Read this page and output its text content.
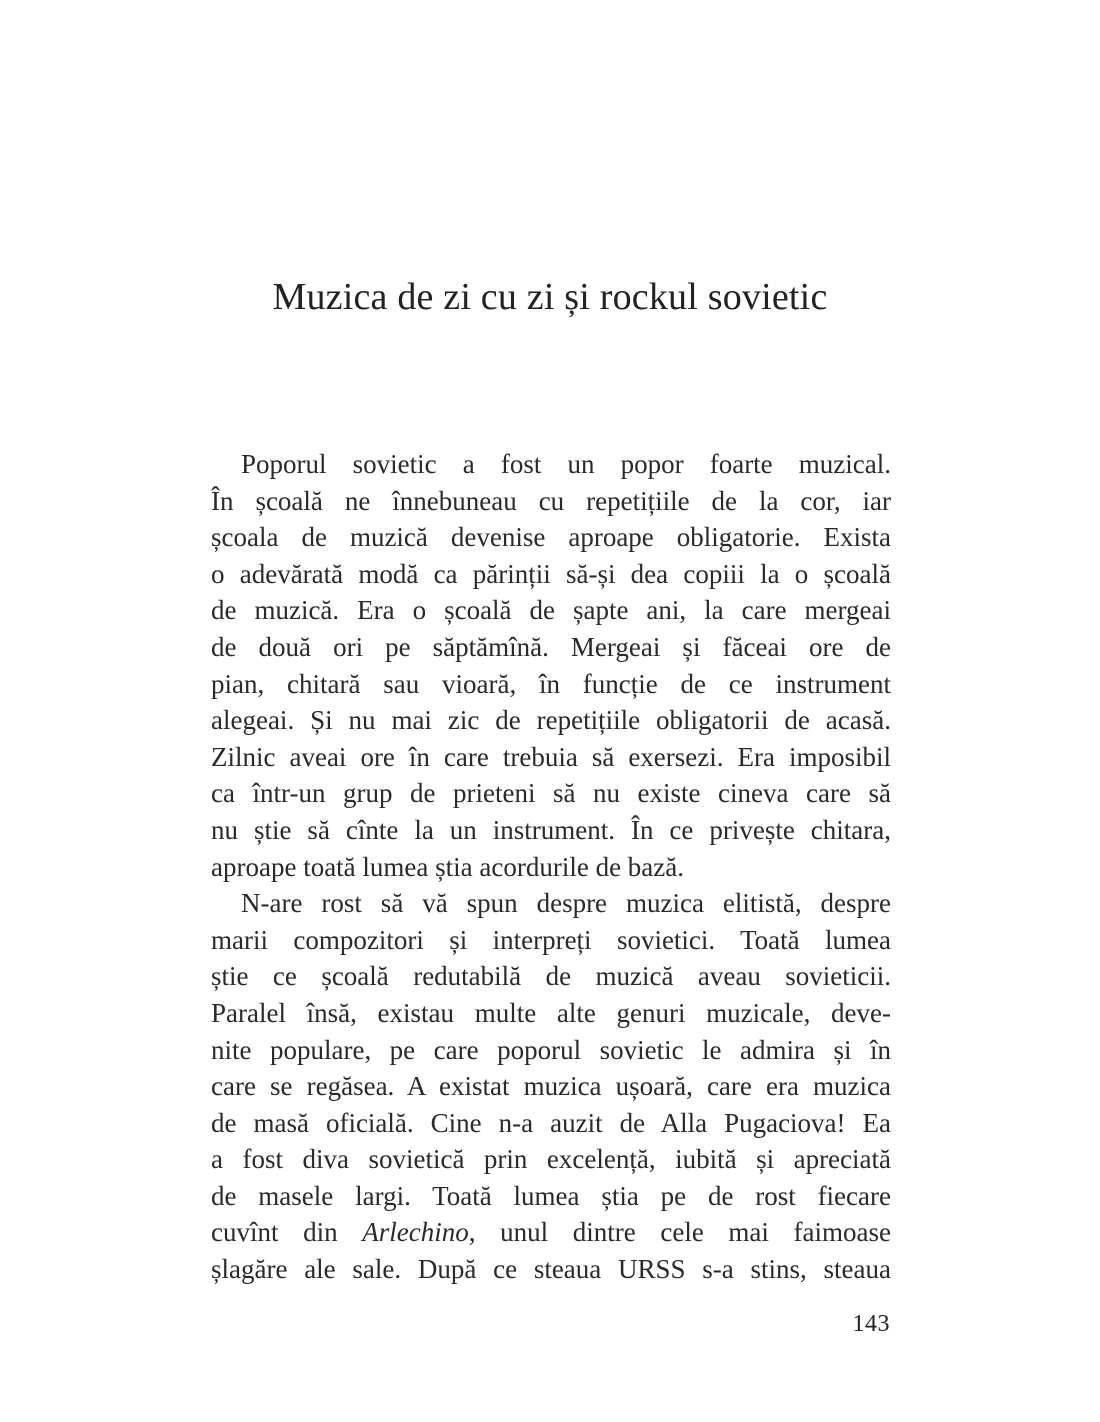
Muzica de zi cu zi și rockul sovietic
Poporul sovietic a fost un popor foarte muzical.
În școală ne înnebuneau cu repetițiile de la cor, iar
școala de muzică devenise aproape obligatorie. Exista
o adevărată modă ca părinții să-și dea copiii la o școală
de muzică. Era o școală de șapte ani, la care mergeai
de două ori pe săptămînă. Mergeai și făceai ore de
pian, chitară sau vioară, în funcție de ce instrument
alegeai. Și nu mai zic de repetițiile obligatorii de acasă.
Zilnic aveai ore în care trebuia să exersezi. Era imposibil
ca într-un grup de prieteni să nu existe cineva care să
nu știe să cînte la un instrument. În ce privește chitara,
aproape toată lumea știa acordurile de bază.
N-are rost să vă spun despre muzica elitistă, despre
marii compozitori și interpreți sovietici. Toată lumea
știe ce școală redutabilă de muzică aveau sovieticii.
Paralel însă, existau multe alte genuri muzicale, deve-
nite populare, pe care poporul sovietic le admira și în
care se regăsea. A existat muzica ușoară, care era muzica
de masă oficială. Cine n-a auzit de Alla Pugaciova! Ea
a fost diva sovietică prin excelență, iubită și apreciată
de masele largi. Toată lumea știa pe de rost fiecare
cuvînt din Arlechino, unul dintre cele mai faimoase
șlagăre ale sale. După ce steaua URSS s-a stins, steaua
143
